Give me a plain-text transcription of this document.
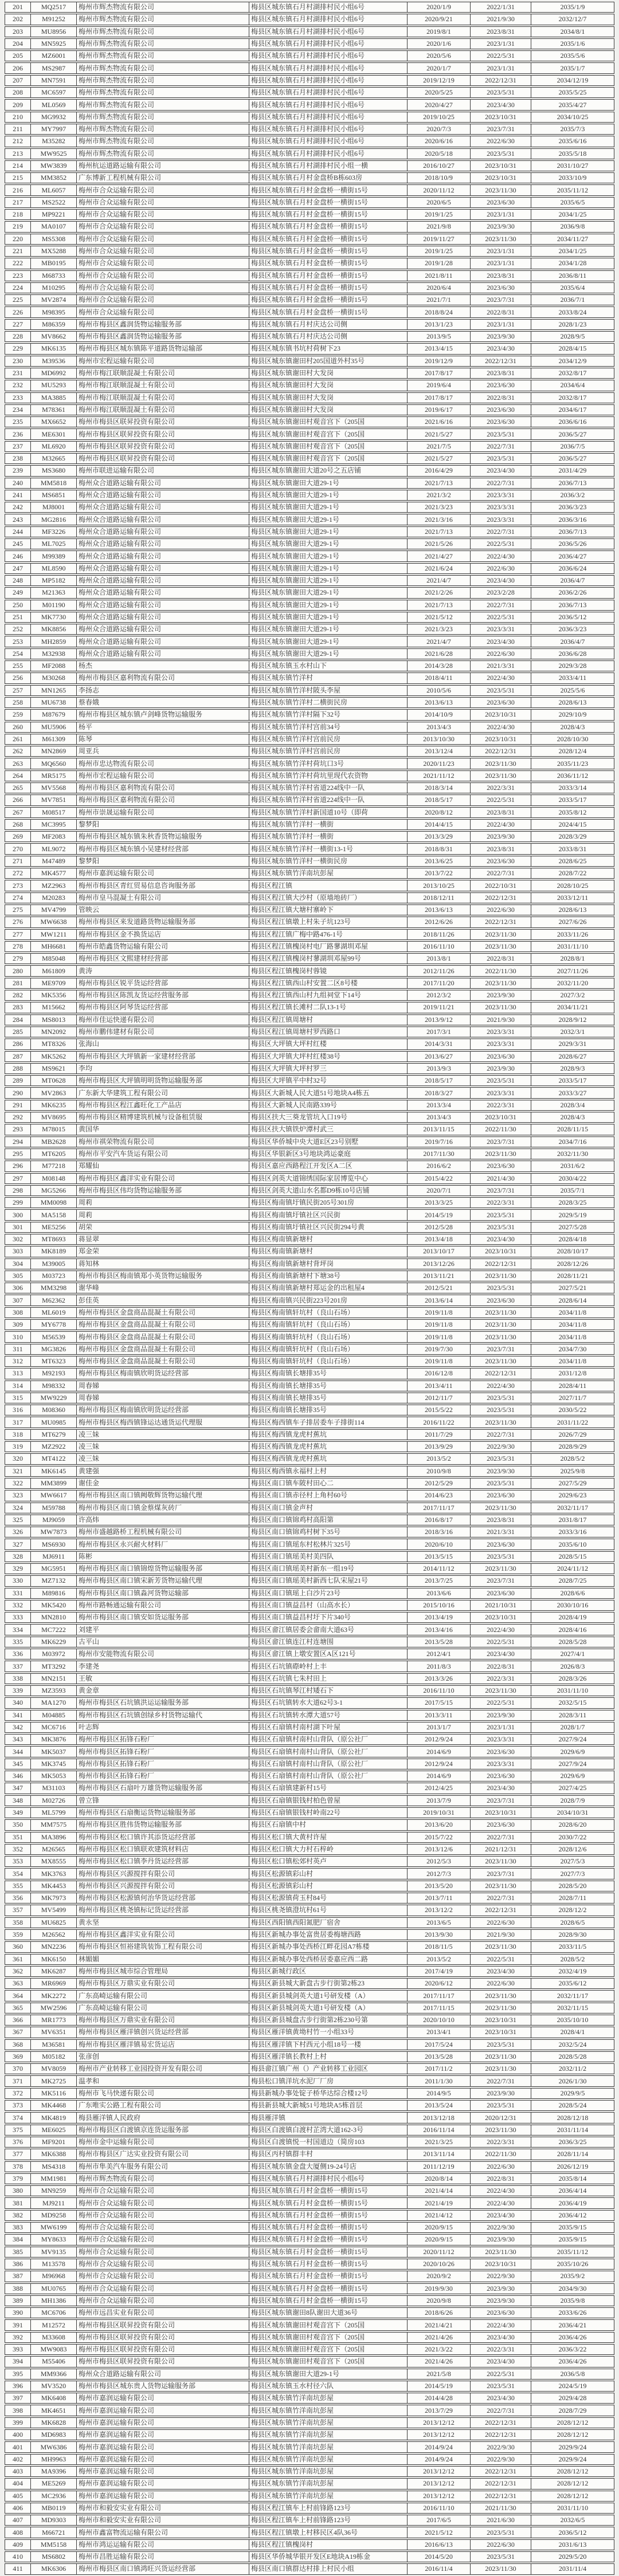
201	MQ2517	梅州市辉杰物流有限公司	梅县区城东镇石月村湖排村民小组6号	2020/1/9	2022/1/31	2035/1/9
202	M91252	梅州市辉杰物流有限公司	梅县区城东镇石月村湖排村民小组6号	2020/9/21	2021/9/30	2032/12/7
203	MU8956	梅州市辉杰物流有限公司	梅县区城东镇石月村湖排村民小组6号	2019/8/1	2023/8/31	2034/8/1
204	MN5925	梅州市辉杰物流有限公司	梅县区城东镇石月村湖排村民小组6号	2020/1/6	2023/1/31	2035/1/6
205	MZ6001	梅州市辉杰物流有限公司	梅县区城东镇石月村湖排村民小组6号	2020/5/6	2022/5/31	2035/5/6
206	MS2987	梅州市辉杰物流有限公司	梅县区城东镇石月村湖排村民小组6号	2020/1/7	2023/1/31	2035/1/7
207	MN7591	梅州市辉杰物流有限公司	梅县区城东镇石月村湖排村民小组6号	2019/12/19	2022/12/31	2034/12/19
208	MC6597	梅州市辉杰物流有限公司	梅县区城东镇石月村湖排村民小组6号	2020/5/25	2023/5/31	2035/5/25
209	ML0569	梅州市辉杰物流有限公司	梅县区城东镇石月村湖排村民小组6号	2020/4/27	2023/4/30	2035/4/27
210	MG9932	梅州市辉杰物流有限公司	梅县区城东镇石月村湖排村民小组6号	2019/10/25	2023/10/31	2034/10/25
211	MY7997	梅州市辉杰物流有限公司	梅县区城东镇石月村湖排村民小组6号	2020/7/3	2023/7/31	2035/7/3
212	M35282	梅州市辉杰物流有限公司	梅县区城东镇石月村湖排村民小组6号	2020/6/16	2022/6/30	2035/6/16
213	MW9525	梅州市辉杰物流有限公司	梅县区城东镇石月村湖排村民小组6号	2020/5/18	2023/5/31	2035/5/18
214	MW3839	梅州杭运道路运输有限公司	梅县区城东镇石月村湖排村民小组一横	2016/10/27	2023/10/31	2031/10/27
215	MM3852	广东博新工程机械有限公司	梅县区城东镇石月村金盘桥B栋603房	2018/10/9	2023/10/31	2033/10/9
216	ML6057	梅州市合众运输有限公司	梅县区城东镇石月村金盘桥一横街15号	2020/11/12	2023/11/30	2035/11/12
217	MS2522	梅州市合众运输有限公司	梅县区城东镇石月村金盘桥一横街15号	2020/6/5	2023/6/30	2035/6/5
218	MP9221	梅州市合众运输有限公司	梅县区城东镇石月村金盘桥一横街15号	2019/1/25	2023/1/31	2034/1/25
219	MA0107	梅州市合众运输有限公司	梅县区城东镇石月村金盘桥一横街15号	2021/9/8	2023/9/30	2036/9/8
220	MS5308	梅州市合众运输有限公司	梅县区城东镇石月村金盘桥一横街15号	2019/11/27	2023/11/30	2034/11/27
221	MX5288	梅州市合众运输有限公司	梅县区城东镇石月村金盘桥一横街15号	2019/1/25	2023/1/31	2034/1/25
222	MB0195	梅州市合众运输有限公司	梅县区城东镇石月村金盘桥一横街15号	2019/1/28	2023/1/31	2034/1/28
223	M68733	梅州市合众运输有限公司	梅县区城东镇石月村金盘桥一横街15号	2021/8/11	2023/8/31	2036/8/11
224	M10295	梅州市合众运输有限公司	梅县区城东镇石月村金盘桥一横街15号	2020/6/4	2023/6/30	2035/6/4
225	MV2874	梅州市合众运输有限公司	梅县区城东镇石月村金盘桥一横街15号	2021/7/1	2023/7/31	2036/7/1
226	M98395	梅州市合众运输有限公司	梅县区城东镇石月村金盘桥一横街15号	2018/8/24	2022/8/31	2033/8/24
227	M86359	梅州市梅县区鑫润货物运输服务部	梅县区城东镇石月村庆达公司侧	2013/1/23	2023/1/31	2028/1/23
228	MV8662	梅州市梅县区鑫润货物运输服务部	梅县区城东镇石月村庆达公司侧	2013/9/5	2023/9/30	2028/9/5
229	MK6135	梅州市梅县区城东镇陈平道路货物运输部	梅县区城东镇书坑村荷树下23	2013/4/15	2023/4/30	2028/4/15
230	M39536	梅州市宏程运输有限公司	梅县区城东镇谢田村205国道外村35号	2019/12/9	2022/12/31	2034/12/9
231	MD6992	梅州市梅江联顺混凝土有限公司	梅县区城东镇谢田村大发岗	2017/8/17	2023/8/31	2032/8/17
232	MU5293	梅州市梅江联顺混凝土有限公司	梅县区城东镇谢田村大发岗	2019/6/4	2023/6/30	2034/6/4
233	MA3885	梅州市梅江联顺混凝土有限公司	梅县区城东镇谢田村大发岗	2017/8/17	2022/8/31	2032/8/17
234	M78361	梅州市梅江联顺混凝土有限公司	梅县区城东镇谢田村大发岗	2019/6/17	2023/6/30	2034/6/17
235	MX6652	梅州市梅县区联昇投资有限公司	梅县区城东镇谢田村观音宫下（205国	2021/6/16	2023/6/30	2036/6/16
236	ME6301	梅州市梅县区联昇投资有限公司	梅县区城东镇谢田村观音宫下（205国	2021/5/27	2023/5/31	2036/5/27
237	ML6920	梅州市梅县区联昇投资有限公司	梅县区城东镇谢田村观音宫下（205国	2021/7/5	2022/7/31	2036/7/5
238	M32665	梅州市梅县区联昇投资有限公司	梅县区城东镇谢田村观音宫下（205国	2021/5/27	2023/5/31	2036/5/27
239	MS3680	梅州市联进运输有限公司	梅县区城东镇谢田大道20号之五店铺	2016/4/29	2023/4/30	2031/4/29
240	MM5818	梅州众合道路运输有限公司	梅县区城东镇谢田大道29-1号	2021/7/13	2022/7/31	2036/7/13
241	MS6851	梅州众合道路运输有限公司	梅县区城东镇谢田大道29-1号	2021/3/2	2023/3/31	2036/3/2
242	MJ8001	梅州众合道路运输有限公司	梅县区城东镇谢田大道29-1号	2021/3/23	2023/3/31	2036/3/23
243	MG2816	梅州众合道路运输有限公司	梅县区城东镇谢田大道29-1号	2021/3/16	2023/3/31	2036/3/16
244	MF3226	梅州众合道路运输有限公司	梅县区城东镇谢田大道29-1号	2021/7/13	2022/7/31	2036/7/13
245	ML7025	梅州众合道路运输有限公司	梅县区城东镇谢田大道29-1号	2021/5/26	2022/5/31	2036/5/26
246	M99389	梅州众合道路运输有限公司	梅县区城东镇谢田大道29-1号	2021/4/27	2022/4/30	2036/4/27
247	ML8590	梅州众合道路运输有限公司	梅县区城东镇谢田大道29-1号	2021/6/24	2022/6/30	2036/6/24
248	MP5182	梅州众合道路运输有限公司	梅县区城东镇谢田大道29-1号	2021/4/7	2023/4/30	2036/4/7
249	M21363	梅州众合道路运输有限公司	梅县区城东镇谢田大道29-1号	2021/2/26	2023/2/28	2036/2/26
250	M01190	梅州众合道路运输有限公司	梅县区城东镇谢田大道29-1号	2021/7/13	2022/7/31	2036/7/13
251	MK7730	梅州众合道路运输有限公司	梅县区城东镇谢田大道29-1号	2021/5/12	2022/5/31	2036/5/12
252	MK8856	梅州众合道路运输有限公司	梅县区城东镇谢田大道29-1号	2021/3/23	2023/3/31	2036/3/23
253	MH2859	梅州众合道路运输有限公司	梅县区城东镇谢田大道29-1号	2021/4/7	2023/4/30	2036/4/7
254	M32938	梅州众合道路运输有限公司	梅县区城东镇谢田大道29-1号	2021/6/28	2022/6/30	2036/6/28
255	MF2088	杨杰	梅县区城东镇玉水村山下	2014/3/28	2021/3/31	2029/3/28
256	M30268	梅州市梅县区嘉利物流有限公司	梅县区城东镇竹洋村	2018/4/11	2022/4/30	2033/4/11
257	MN1265	李扬志	梅县区城东镇竹洋村陂头李屋	2010/5/6	2023/5/31	2025/5/6
258	MU6738	蔡春娥	梅县区城东镇竹洋村二横街民房	2013/6/13	2023/6/30	2028/6/13
259	M87679	梅州市梅县区城东镇卢剑峰货物运输服务	梅县区城东镇竹洋村隔下32号	2014/10/9	2023/10/31	2029/10/9
260	MU5906	杨平	梅县区城东镇竹洋村宫前34号	2013/4/3	2022/4/30	2028/4/3
261	M61309	陈琴	梅县区城东镇竹洋村宫前民房	2013/10/30	2023/10/31	2028/10/30
262	MN2869	周亚兵	梅县区城东镇竹洋村宫前民房	2013/12/4	2022/12/31	2028/12/4
263	MQ6560	梅州市忠达物流有限公司	梅县区城东镇竹洋村荷坑口3号	2020/11/23	2023/11/30	2035/11/23
264	MR5175	梅州市宏程运输有限公司	梅县区城东镇竹洋村荷坑里现代农资物	2021/11/12	2023/11/30	2036/11/12
265	MV5568	梅州市梅县区嘉利物流有限公司	梅县区城东镇竹洋村省道224线中一队	2018/3/14	2022/3/31	2033/3/14
266	MV7851	梅州市梅县区嘉利物流有限公司	梅县区城东镇竹洋村省道224线中一队	2018/5/17	2022/5/31	2033/5/17
267	M08517	梅州市崇晟运输有限公司	梅县区城东镇竹洋村新国道10号（即荷	2020/8/12	2023/8/31	2035/8/12
268	MC3995	黎梦阳	梅县区城东镇竹洋村一横街	2014/4/15	2022/4/30	2024/4/15
269	MF2083	梅州市梅县区城东镇朱秋香货物运输服务	梅县区城东镇竹洋村一横街	2013/3/29	2023/9/30	2028/3/29
270	ML9072	梅州市梅县区城东镇小吴建材经营部	梅县区城东镇竹洋村一横街13-1号	2018/8/31	2023/8/31	2033/8/31
271	M47489	黎梦阳	梅县区城东镇竹洋村一横街民房	2013/6/25	2023/6/30	2028/6/25
272	MK4577	梅州市嘉润运输有限公司	梅县区城东镇竹洋南坑彭屋	2013/7/22	2022/7/31	2028/7/22
273	MZ2963	梅州市梅县区青红贸易信息咨询服务部	梅县区程江镇	2013/10/25	2022/10/31	2028/10/25
274	M20283	梅州市皇马混凝土有限公司	梅县区程江镇大沙村（原墙地砖厂）	2018/12/11	2022/12/31	2033/12/11
275	MV4799	管映云	梅县区程江镇大塘村寨岭下	2013/6/13	2022/6/30	2028/6/13
276	MW6638	梅州市梅县区来发道路货物运输服务部	梅县区程江镇墩上村朱子坑123号	2012/6/26	2022/12/31	2027/6/26
277	MW1211	梅州市梅县区金不换货运店	梅县区程江镇广梅中路476-1号	2018/11/26	2023/11/30	2033/11/26
278	MH6681	梅州市皓鑫货物运输有限公司	梅县区程江镇槐岗村电厂路蓼湖圳邓屋	2016/11/10	2023/11/30	2031/11/10
279	M85048	梅州市梅县区文熙建材经营部	梅县区程江镇槐岗村蓼湖圳邓屋99号	2013/8/1	2022/8/31	2028/8/1
280	M61809	黄涛	梅县区程江镇槐岗村蓉镜	2012/11/26	2022/11/30	2027/11/26
281	ME9709	梅州市梅县区锐平货运经营部	梅县区程江镇西山村安置二区8号楼	2017/11/20	2023/11/30	2032/11/20
282	MK5356	梅州市梅县区陈凯友货运经营服务部	梅县区程江镇西山村九组祠堂下14号	2012/3/2	2023/9/30	2027/3/2
283	M15662	梅州市梅县区阿琴货运经营部	梅县区程江镇长滩村二队13-1号	2019/11/21	2023/11/30	2034/11/21
284	MS8013	梅州市佳运快递有限公司	梅县区程江镇周塘村	2013/9/12	2021/9/30	2028/9/12
285	MN2092	梅州市鹏伟建材有限公司	梅县区程江镇周塘村罗西路口	2017/3/1	2023/3/31	2032/3/1
286	MT8326	张海山	梅县区大坪镇大坪村红楼	2014/3/31	2023/3/31	2029/3/31
287	MK5262	梅州市梅县区大坪镇新一家建材经营部	梅县区大坪镇大坪村红楼38号	2013/6/27	2023/6/30	2028/6/27
288	MS9621	李均	梅县区大坪镇大坪村罗三	2013/9/3	2023/9/30	2028/9/3
289	MT0628	梅州市梅县区大坪镇明明货物运输服务部	梅县区大坪镇平中村32号	2018/5/17	2023/5/31	2033/5/17
290	MV2863	广东新大华建筑工程有限公司	梅县区大新城人民大道51号地块A4栋五	2018/3/27	2023/3/31	2033/3/27
291	MK6235	梅州市梅县区程江鑫旺化工产品店	梅县区大新城人民南路339号	2013/3/4	2022/3/31	2028/3/4
292	MV8695	梅州市梅县区精博建筑机械与设备租赁服	梅县区扶大三葵龙管坑入口19号	2013/4/3	2023/10/31	2028/4/3
293	M78015	黄国华	梅县区扶大镇铁炉潭村武三	2013/11/15	2022/11/30	2028/11/15
294	MB2628	梅州市祺荣物流有限公司	梅县区华侨城中央大道E区23号别墅	2019/7/16	2023/7/31	2034/7/16
295	MT6205	梅州市平安汽车货运有限公司	梅县区华银新区3号地块鸿运豪庭	2017/11/30	2023/11/30	2032/11/30
296	M77218	郑耀仙	梅县区嘉应西路程江开发区A二区	2016/6/2	2023/6/30	2031/6/2
297	M08148	梅州市梅县区鑫洋实业有限公司	梅县区剑英大道锦绣国际家居博览中心	2015/4/22	2021/4/30	2030/4/22
298	MG5266	梅州市梅县区伟均货物运输服务部	梅县区剑英大道山水名都D9栋10号店铺	2020/7/1	2023/7/31	2035/7/1
299	MM0098	周莉	梅县区梅南镇圩镇民街205号301房	2013/3/25	2022/3/31	2028/3/25
300	MA5158	周莉	梅县区梅南镇圩镇社区兴民街	2014/5/19	2023/5/31	2029/5/19
301	ME5256	胡荣	梅县区梅南镇圩镇社区兴民街294号黄	2012/5/28	2023/5/31	2027/5/28
302	MT8693	蒋显翠	梅县区梅南镇新塘村	2013/4/18	2023/4/30	2028/4/18
303	MK8189	郑金荣	梅县区梅南镇新塘村	2013/10/17	2023/10/31	2028/10/17
304	M39005	蒋知林	梅县区梅南镇新塘村背坪岗	2013/12/26	2022/12/31	2028/12/26
305	M03723	梅州市梅县区梅南镇郑小英货物运输服务	梅县区梅南镇新塘村下塘38号	2013/11/21	2023/11/30	2028/11/21
306	MM3298	谢华峰	梅县区梅南镇新塘村郑运金的出租屋4	2012/5/21	2023/5/31	2027/5/21
307	M62362	彭佳英	梅县区梅南镇兴民街223号201房	2013/6/14	2023/6/30	2028/6/14
308	ML6019	梅州市梅县区金盘商品混凝土有限公司	梅县区梅南镇轩坑村（良山石场）	2019/11/8	2023/11/30	2034/11/8
309	MY6778	梅州市梅县区金盘商品混凝土有限公司	梅县区梅南镇轩坑村（良山石场）	2019/11/8	2023/11/30	2034/11/8
310	M56539	梅州市梅县区金盘商品混凝土有限公司	梅县区梅南镇轩坑村（良山石场）	2019/11/8	2023/11/30	2034/11/8
311	MG3826	梅州市梅县区金盘商品混凝土有限公司	梅县区梅南镇轩坑村（良山石场）	2019/7/30	2023/7/31	2034/7/30
312	MT6323	梅州市梅县区金盘商品混凝土有限公司	梅县区梅南镇轩坑村（良山石场）	2019/11/8	2023/11/30	2034/11/8
313	M92193	梅州市梅县区梅南镇欣明货运经营部	梅县区梅南镇长塘排35号	2016/12/8	2022/12/31	2031/12/8
314	M98332	周春娣	梅县区梅南镇长塘排35号	2013/4/11	2022/4/30	2028/4/11
315	MW9229	周春娣	梅县区梅南镇长塘排35号	2012/11/7	2023/5/31	2027/11/7
316	M08360	梅州市梅县区梅南镇欣明货运经营部	梅县区梅南镇长塘排35号	2015/5/22	2023/5/31	2030/5/22
317	MU0985	梅州市梅县区梅西镇锋运达通货运代理服	梅县区梅西镇车子排居委车子排街114	2016/11/22	2023/11/30	2031/11/22
318	MT6279	凌三妹	梅县区梅西镇龙虎村蕉坑	2011/7/29	2022/7/31	2026/7/29
319	MZ2922	凌三妹	梅县区梅西镇龙虎村蕉坑	2013/9/29	2022/9/30	2028/9/29
320	MT4122	凌三妹	梅县区梅西镇龙虎村蕉坑	2013/5/2	2023/5/31	2028/5/2
321	MK6145	黄建强	梅县区梅西镇永福村上村	2010/9/8	2023/9/30	2025/9/8
322	MM3899	谢佳金	梅县区南口镇车陂村田心二	2012/5/29	2023/5/31	2027/5/29
323	MW6617	梅州市梅县区南口镇阙敬辉货物运输代理	梅县区南口镇赤径村上角村60号	2014/6/23	2023/6/30	2029/6/23
324	M59788	梅州市梅县区南口镇金蔡煤灰砖厂	梅县区南口镇金声村	2017/11/17	2023/11/30	2032/11/17
325	MJ9059	许高炜	梅县区南口镇锦鸡村高阳第	2016/8/17	2023/8/31	2031/8/17
326	MW7873	梅州市盛越路桥工程机械有限公司	梅县区南口镇锦鸡村树下35号	2018/3/16	2021/3/31	2033/3/16
327	MS6930	梅州市梅县区永兴耐火材料厂	梅县区南口镇瑶东村松林片325号	2020/6/10	2023/6/30	2035/6/10
328	MJ6911	陈彬	梅县区南口镇瑶美村美四队	2013/5/15	2023/5/31	2028/5/15
329	MG5951	梅州市梅县区南口镇锦煌货物运输服务部	梅县区南口镇瑶美村新东一组19号	2014/11/12	2023/11/30	2024/11/12
330	MZ7132	梅州市梅县区南口镇宋新芳货物运输代理	梅县区南口镇瑶美村新西七队宋屋21号	2013/7/25	2023/7/31	2028/7/25
331	M89816	梅州市梅县区南口镇淼河货物运输部	梅县区南口镇瑶上白沙片23号	2013/6/6	2023/6/30	2028/6/6
332	MK5420	梅州市路畅通运输有限公司	梅县区南口镇益昌村（山高水长）	2015/10/16	2021/10/31	2030/10/16
333	MN2810	梅州市梅县区南口镇安如货运服务部	梅县区南口镇益昌村圩下片340号	2013/4/19	2023/10/31	2028/4/19
334	MC7222	刘建平	梅县区畲江镇居委会畲南大道63号	2013/4/16	2022/4/30	2028/4/16
335	MK6229	古平山	梅县区畲江镇连江村连塘围	2013/5/28	2022/5/31	2028/5/28
336	M03972	梅州市安能物流有限公司	梅县区畲江镇上墩安置区A区121号	2012/4/1	2023/4/30	2027/4/1
337	MT3292	李建尧	梅县区石坑镇磜岭村上丰	2011/8/3	2022/8/31	2026/8/3
338	MN2151	王敏	梅县区石坑镇七朱村田上	2013/3/26	2022/3/31	2028/3/26
339	MZ3593	黄金章	梅县区石坑镇琴江村矮石下	2016/11/10	2023/11/30	2031/11/10
340	MA1270	梅州市梅县区石坑镇洪运运输服务部	梅县区石坑镇转水大道62号3-1	2017/5/15	2022/5/31	2032/5/15
341	M04885	梅州市梅县区石坑镇创绿乡村货物运输代	梅县区石坑镇转水潭大道57号	2013/3/11	2023/9/30	2028/3/11
342	MC6716	叶志辉	梅县区石扇镇村南村湖下叶屋	2013/1/7	2023/1/31	2028/1/7
343	MK3876	梅州市梅县区拓锋石粉厂	梅县区石扇镇村南村山背队（原公社厂	2012/9/24	2023/3/31	2027/9/24
344	MK5037	梅州市梅县区拓锋石粉厂	梅县区石扇镇村南村山背队（原公社厂	2014/6/9	2023/6/30	2029/6/9
345	MK3745	梅州市梅县区拓锋石粉厂	梅县区石扇镇村南村山背队（原公社厂	2012/9/24	2023/3/31	2027/9/24
346	MK5053	梅州市梅县区拓锋石粉厂	梅县区石扇镇村南村山背队（原公社厂	2014/6/9	2023/6/30	2029/6/9
347	M31103	梅州市梅县区石扇叶万雄货物运输服务部	梅县区石扇镇建新村15号	2012/4/25	2023/4/30	2027/4/25
348	M02726	曾立锋	梅县区石扇镇银钱村柏色曾屋	2013/7/9	2023/7/31	2028/7/9
349	ML5799	梅州市梅县区石扇衡运货物运输服务部	梅县区石扇镇银钱村岭南22号	2019/10/31	2023/10/31	2034/10/31
350	MM7575	梅州市梅县区胜伟货物运输服务部	梅县区石扇镇中村	2013/6/20	2023/6/30	2028/6/20
351	MA3896	梅州市梅县区松口镇许其添货运经营部	梅县区松口镇大黄村许屋	2015/7/22	2022/7/31	2030/7/22
352	M26565	梅州市梅县区松口镇联欢建筑材料店	梅县区松口镇大力村石梓岭	2013/12/6	2021/12/31	2028/12/6
353	MX8555	梅州市梅县区松口镇李丹货运经营部	梅县区松口镇松郊村英卢	2012/5/3	2023/11/30	2027/5/3
354	MK3763	梅州市梅县区兴源搅拌有限公司	梅县区松源镇彩山村	2012/7/3	2023/7/31	2027/7/3
355	MK4453	梅州市梅县区兴源搅拌有限公司	梅县区松源镇彩山村	2013/5/20	2023/11/30	2028/5/20
356	MK7973	梅州市梅县区松源镇何治华货运经营部	梅县区松源镇荷玉村84号	2013/7/11	2022/7/31	2028/7/11
357	MV5499	梅州市梅县区桃尧镇标记货运经营部	梅县区桃尧镇澄坑村61号	2013/12/2	2022/12/31	2028/12/2
358	MU6825	黄永坚	梅县区西阳镇西阳氮肥厂宿舍	2013/6/5	2022/6/30	2028/6/5
359	M26562	梅州市梅县区鑫洋实业有限公司	梅县区新城办事处富贵居委梅塘西路	2013/9/30	2021/9/30	2028/9/30
360	MN2236	梅州市梅县区恒裕建筑装饰工程有限公司	梅县区新城办事处西桥江畔花园A7栋楼	2018/11/5	2023/11/30	2033/11/5
361	MK6150	林媚媚	梅县区新城办事处西桥居委嘉应西二路	2013/5/2	2022/5/31	2028/5/2
362	MK6287	梅州市梅县区城市综合管理局	梅县区新城行政区	2017/4/19	2023/4/30	2032/4/19
363	MR6969	梅州市梅县区万鼎实业有限公司	梅县区新县城大新盘古步行街第2栋23	2020/6/12	2022/6/30	2035/6/12
364	MK2272	广东高崎运输有限公司	梅县区新县城剑英大道1号研发楼（A）	2017/11/17	2023/11/30	2032/11/17
365	MW2596	广东高崎运输有限公司	梅县区新县城剑英大道1号研发楼（A）	2017/11/15	2023/11/30	2032/11/15
366	MR1773	梅州市梅县区万鼎实业有限公司	梅县区新县城盘古步行街第2栋230号第	2020/10/10	2023/10/31	2035/10/10
367	MV6351	梅州市梅县区雁洋镇创兴货运经营部	梅县区雁洋镇黄坳村竹一小组33号	2013/4/1	2023/10/31	2028/4/1
368	M36581	梅州市梅县区雁洋镇易宏货运店	梅县区雁洋镇下村西元小组18号一楼	2017/5/24	2023/5/31	2032/5/24
369	M05182	张彦创	梅县区雁洋镇长教村上村	2013/5/28	2023/11/30	2028/5/28
370	MV8059	梅州市产业转移工业园投资开发有限公司	梅县畲江镇广州（）产业转移工业园区	2017/11/2	2023/11/30	2032/11/2
371	MK2725	温孝和	梅县松口镇洋坑水泥厂厂房	2011/1/30	2022/7/31	2026/1/30
372	MK5116	梅州市飞马快递有限公司	梅县新城办事处锭子桥华达综合楼12号	2014/9/5	2023/9/30	2029/9/5
373	MK4468	广东唯实公路工程有限公司	梅县新县城大新城51号地块A5栋首层	2013/5/24	2023/5/31	2028/5/24
374	MK4819	梅县雁洋镇人民政府	梅县雁洋镇	2013/12/18	2020/12/31	2028/12/18
375	ME6025	梅州市梅县区白渡镇京连货运服务部	梅县区白渡镇白渡村芷湾大道162-3号	2016/11/14	2023/11/30	2031/11/14
376	MF9201	梅州市金中运输有限公司	梅县区白渡镇悦一村国道边（简房103	2021/3/25	2022/3/31	2036/3/25
377	MK6388	梅州市梅县区广达实业投资有限公司	梅县区丙村镇群丰村	2013/11/14	2022/11/30	2028/11/14
378	MS4318	梅州市隼美汽车服务有限公司	梅县区城东镇金盘大厦侧19-24号店	2011/12/19	2022/6/30	2026/12/19
379	MM1981	梅州市辉杰物流有限公司	梅县区城东镇石月村湖排村民小组6号	2020/8/14	2022/8/31	2035/8/14
380	MN9259	梅州市合众运输有限公司	梅县区城东镇石月村金盘桥一横街15号	2021/4/14	2022/4/30	2036/4/14
381	MJ9211	梅州市合众运输有限公司	梅县区城东镇石月村金盘桥一横街15号	2021/4/19	2022/4/30	2036/4/19
382	MD9258	梅州市合众运输有限公司	梅县区城东镇石月村金盘桥一横街15号	2021/4/12	2023/4/30	2036/4/12
383	MW6199	梅州市合众运输有限公司	梅县区城东镇石月村金盘桥一横街15号	2020/9/15	2022/9/30	2035/9/15
384	MY8633	梅州市合众运输有限公司	梅县区城东镇石月村金盘桥一横街15号	2020/9/15	2023/9/30	2035/9/15
385	MV9135	梅州市合众运输有限公司	梅县区城东镇石月村金盘桥一横街15号	2020/11/12	2023/11/30	2035/11/12
386	M13578	梅州市合众运输有限公司	梅县区城东镇石月村金盘桥一横街15号	2020/10/26	2023/10/31	2035/10/26
387	M96968	梅州市合众运输有限公司	梅县区城东镇石月村金盘桥一横街15号	2020/9/2	2022/9/30	2035/9/2
388	MU0765	梅州市合众运输有限公司	梅县区城东镇石月村金盘桥一横街15号	2019/9/30	2023/9/30	2034/9/30
389	MH1386	梅州市合众运输有限公司	梅县区城东镇石月村金盘桥一横街15号	2020/9/8	2023/9/30	2035/9/8
390	MC6706	梅州市远昌实业有限公司	梅县区城东镇谢田8队谢田大道36号	2018/6/26	2023/6/30	2033/6/26
391	M12572	梅州市梅县区联昇投资有限公司	梅县区城东镇谢田村观音宫下（205国	2021/4/21	2022/4/30	2036/4/21
392	M33608	梅州市梅县区联昇投资有限公司	梅县区城东镇谢田村观音宫下（205国	2021/4/26	2023/4/30	2036/4/26
393	MW9083	梅州市梅县区联昇投资有限公司	梅县区城东镇谢田村观音宫下（205国	2021/3/22	2022/3/31	2036/3/22
394	M55406	梅州市梅县区联昇投资有限公司	梅县区城东镇谢田村观音宫下（205国	2021/4/26	2023/4/30	2036/4/26
395	MM9366	梅州众合道路运输有限公司	梅县区城东镇谢田大道29-1号	2021/5/8	2022/5/31	2036/5/8
396	MV3520	梅州市梅县区城东贵人货物运输服务部	梅县区城东镇玉水村径六队	2014/5/19	2023/5/31	2024/5/19
397	MK6408	梅州市嘉润运输有限公司	梅县区城东镇竹洋南坑彭屋	2014/4/28	2023/4/30	2029/4/28
398	MK4651	梅州市嘉润运输有限公司	梅县区城东镇竹洋南坑彭屋	2013/7/29	2022/7/31	2028/7/29
399	MK6828	梅州市嘉润运输有限公司	梅县区城东镇竹洋南坑彭屋	2013/12/12	2022/12/31	2028/12/12
400	MD6983	梅州市嘉润运输有限公司	梅县区城东镇竹洋南坑彭屋	2013/12/12	2022/12/31	2028/12/12
401	MW6386	梅州市嘉润运输有限公司	梅县区城东镇竹洋南坑彭屋	2014/9/24	2022/9/30	2029/9/24
402	MH9963	梅州市嘉润运输有限公司	梅县区城东镇竹洋南坑彭屋	2014/9/24	2022/9/30	2029/9/24
403	MA9396	梅州市嘉润运输有限公司	梅县区城东镇竹洋南坑彭屋	2013/12/12	2022/12/31	2028/12/12
404	ME5269	梅州市嘉润运输有限公司	梅县区城东镇竹洋南坑彭屋	2013/12/12	2022/12/31	2028/12/12
405	MC2936	梅州市嘉润运输有限公司	梅县区城东镇竹洋南坑彭屋	2013/12/12	2022/12/31	2028/12/12
406	MB0119	梅州市和毅安实业有限公司	梅县区程江镇车上村前锋路123号	2016/11/10	2021/11/30	2031/11/10
407	MD9303	梅州市和毅安实业有限公司	梅县区程江镇车上村前锋路123号	2017/6/5	2021/6/30	2032/6/5
408	M66721	梅州市鑫富物流运输有限公司	梅县区程江镇墩上村移民区4队36号	2021/5/12	2023/5/31	2036/5/12
409	MM5158	梅州市鸿运运输有限公司	梅县区程江镇槐岗村	2016/6/13	2022/6/30	2031/6/13
410	MS6802	梅州市昌胜运输有限公司	梅县区华侨城华银开发区E地块A19栋金	2014/5/20	2023/5/31	2029/5/20
411	MK6306	梅州市梅县区南口镇鸿旺兴货运经营部	梅县区南口镇群达村排上村民小组	2016/11/4	2023/11/30	2031/11/4
